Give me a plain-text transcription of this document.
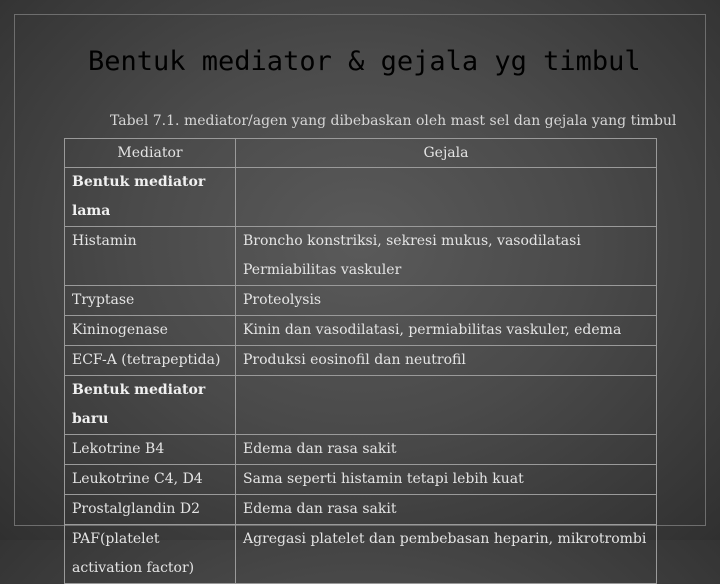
Bentuk mediator & gejala yg timbul
Tabel 7.1. mediator/agen yang dibebaskan oleh mast sel dan gejala yang timbul
Mediator	Gejala
Bentuk mediator lama	

Histamin	Broncho konstriksi, sekresi mukus, vasodilatasi
Permiabilitas vaskuler

Tryptase	Proteolysis

Kininogenase	Kinin dan vasodilatasi, permiabilitas vaskuler, edema

ECF-A (tetrapeptida)	Produksi eosinofil dan neutrofil

Bentuk mediator baru	

Lekotrine B4	Edema dan rasa sakit

Leukotrine C4, D4	Sama seperti histamin tetapi lebih kuat

Prostalglandin D2	Edema dan rasa sakit

PAF(platelet
activation factor)	Agregasi platelet dan pembebasan heparin, mikrotrombi
